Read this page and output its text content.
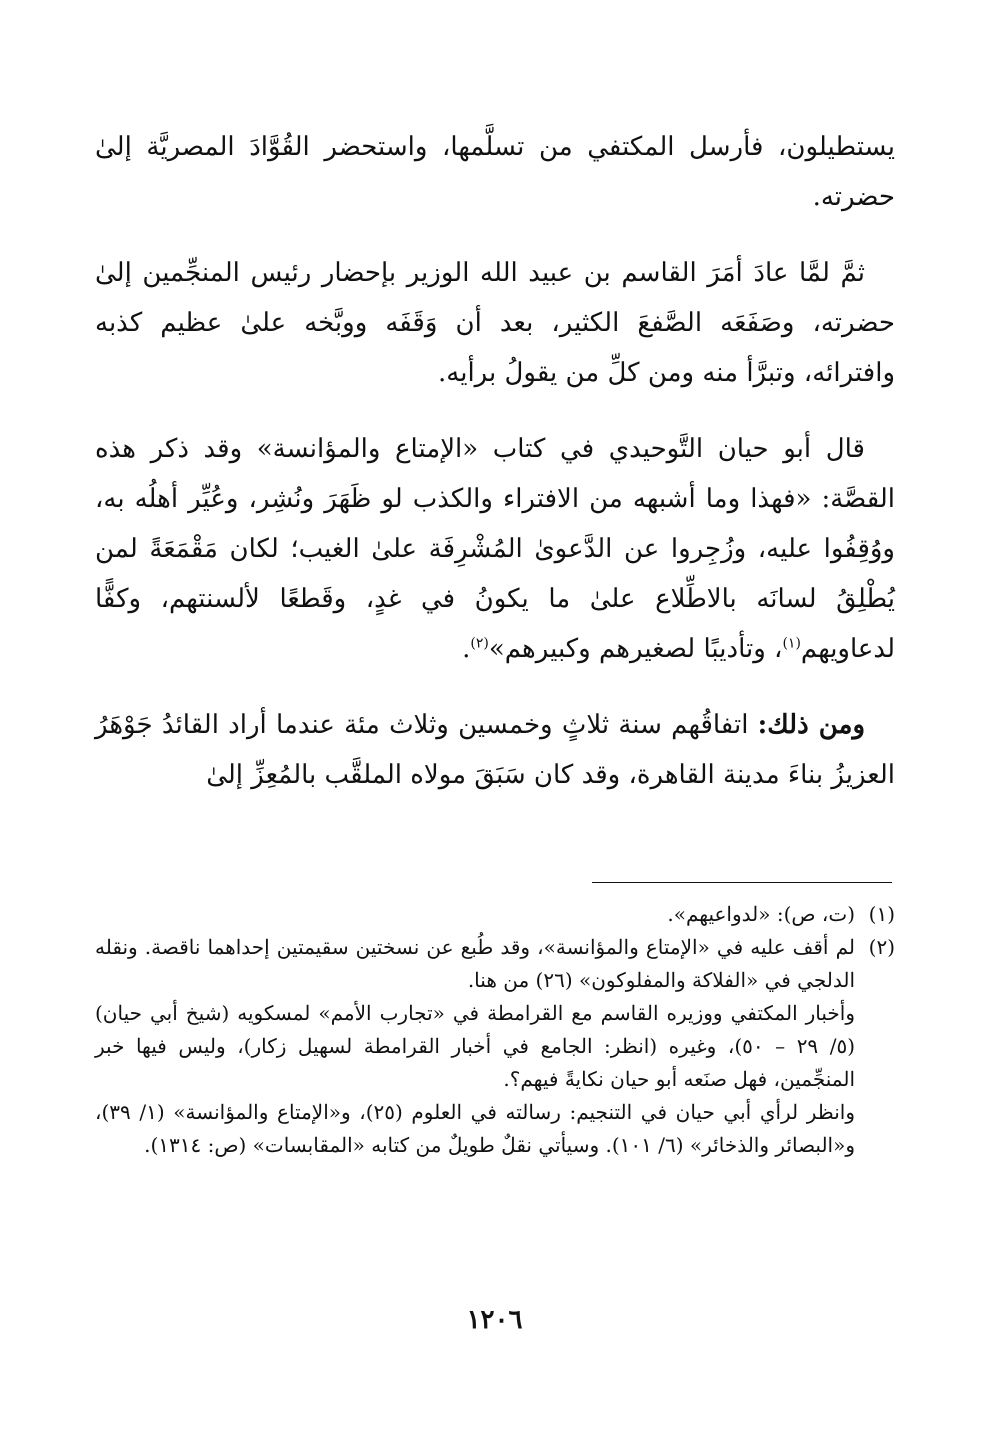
يستطيلون، فأرسل المكتفي من تسلَّمها، واستحضر القُوَّادَ المصريَّة إلىٰ حضرته.

ثمَّ لمَّا عادَ أمَرَ القاسم بن عبيد الله الوزير بإحضار رئيس المنجِّمين إلىٰ حضرته، وصَفَعَه الصَّفعَ الكثير، بعد أن وَقَفَه ووبَّخه علىٰ عظيم كذبه وافترائه، وتبرَّأ منه ومن كلِّ من يقولُ برأيه.

قال أبو حيان التَّوحيدي في كتاب «الإمتاع والمؤانسة» وقد ذكر هذه القصَّة: «فهذا وما أشبهه من الافتراء والكذب لو ظَهَرَ ونُشِر، وعُيِّر أهلُه به، ووُقِفُوا عليه، وزُجِروا عن الدَّعوىٰ المُشْرِفَة علىٰ الغيب؛ لكان مَقْمَعَةً لمن يُطْلِقُ لسانَه بالاطِّلاع علىٰ ما يكونُ في غدٍ، وقَطعًا لألسنتهم، وكفًّا لدعاويهم$^{(١)}$، وتأديبًا لصغيرهم وكبيرهم»$^{(٢)}$.

ومن ذلك: اتفاقُهم سنة ثلاثٍ وخمسين وثلاث مئة عندما أراد القائدُ جَوْهَرُ العزيزُ بناءَ مدينة القاهرة، وقد كان سَبَقَ مولاه الملقَّب بالمُعِزِّ إلىٰ

(١)

(ت، ص): «لدواعيهم».

(٢)

لم أقف عليه في «الإمتاع والمؤانسة»، وقد طُبع عن نسختين سقيمتين إحداهما ناقصة. ونقله الدلجي في «الفلاكة والمفلوكون» (٢٦) من هنا.

وأخبار المكتفي ووزيره القاسم مع القرامطة في «تجارب الأمم» لمسكويه (شيخ أبي حيان) (٥/ ٢٩ – ٥٠)، وغيره (انظر: الجامع في أخبار القرامطة لسهيل زكار)، وليس فيها خبر المنجِّمين، فهل صنَعه أبو حيان نكايةً فيهم؟.

وانظر لرأي أبي حيان في التنجيم: رسالته في العلوم (٢٥)، و«الإمتاع والمؤانسة» (١/ ٣٩)، و«البصائر والذخائر» (٦/ ١٠١). وسيأتي نقلٌ طويلٌ من كتابه «المقابسات» (ص: ١٣١٤).

١٢٠٦
